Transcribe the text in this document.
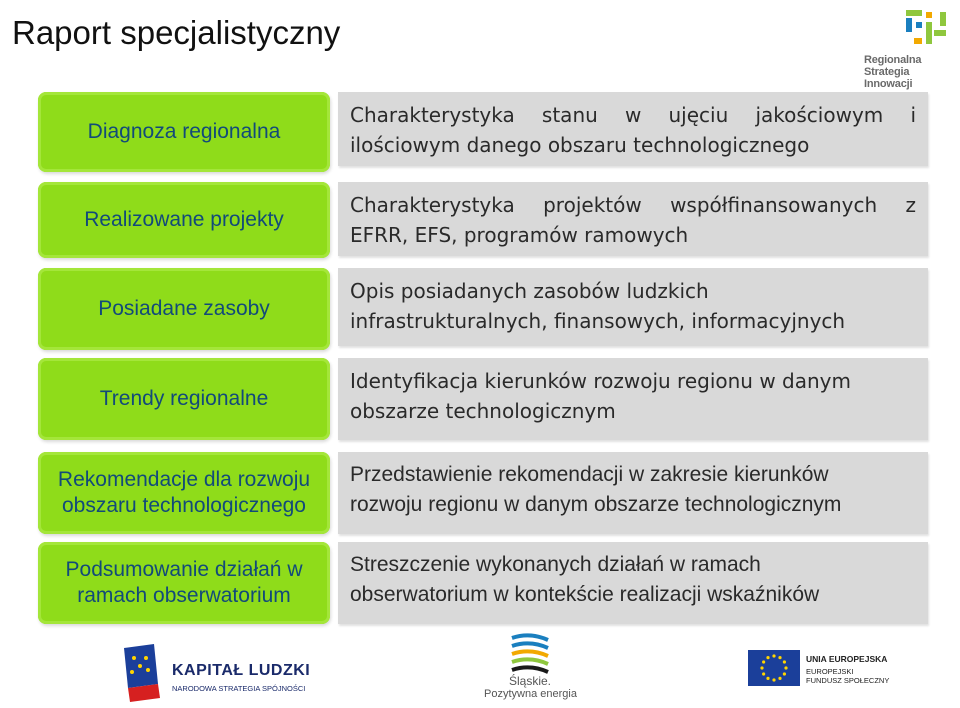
Raport specjalistyczny
Regionalna
Strategia
Innowacji
Diagnoza regionalna
Charakterystyka stanu w ujęciu jakościowym i
ilościowym danego obszaru technologicznego
Realizowane projekty
Charakterystyka projektów współfinansowanych z
EFRR, EFS, programów ramowych
Posiadane zasoby
Opis posiadanych zasobów ludzkich
infrastrukturalnych, finansowych, informacyjnych
Trendy regionalne
Identyfikacja kierunków rozwoju regionu w danym
obszarze technologicznym
Rekomendacje dla rozwoju
obszaru technologicznego
Przedstawienie rekomendacji w zakresie kierunków
rozwoju regionu w danym obszarze technologicznym
Podsumowanie działań w
ramach obserwatorium
Streszczenie wykonanych działań w ramach
obserwatorium w kontekście realizacji wskaźników
KAPITAŁ LUDZKI
NARODOWA STRATEGIA SPÓJNOŚCI
Śląskie.
Pozytywna energia
UNIA EUROPEJSKA
EUROPEJSKI
FUNDUSZ SPOŁECZNY
